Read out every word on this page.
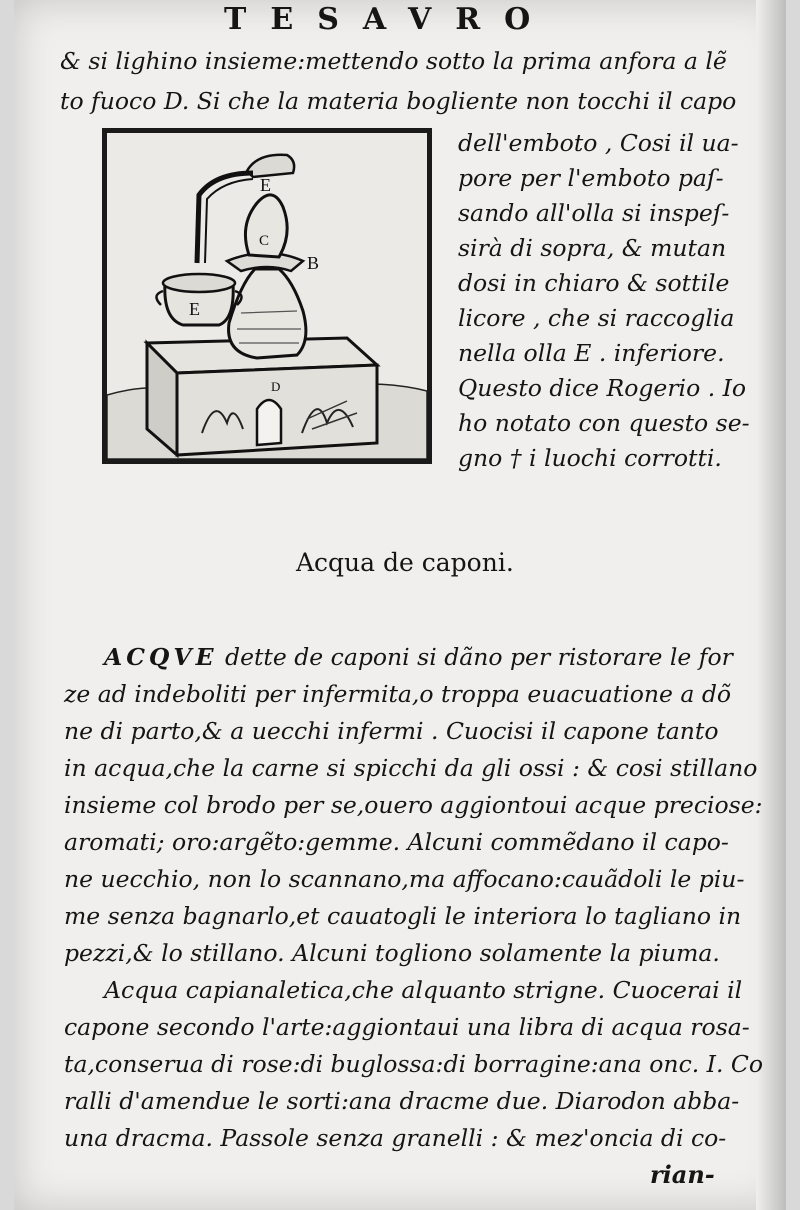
TESAVRO
& si lighino insieme:mettendo sotto la prima anfora a lẽ
to fuoco D. Si che la materia bogliente non tocchi il capo
E
E
C
B
D
dell'emboto , Cosi il ua-
pore per l'emboto paſ-
sando all'olla si inspeſ-
sirà di sopra, & mutan
dosi in chiaro & sottile
licore , che si raccoglia
nella olla E . inferiore.
Questo dice Rogerio . Io
ho notato con questo se-
gno † i luochi corrotti.
Acqua de caponi.
ACQVE dette de caponi si dãno per ristorare le for
ze ad indeboliti per infermita,o troppa euacuatione a dõ
ne di parto,& a uecchi infermi . Cuocisi il capone tanto
in acqua,che la carne si spicchi da gli ossi : & cosi stillano
insieme col brodo per se,ouero aggiontoui acque preciose:
aromati; oro:argẽto:gemme. Alcuni commẽdano il capo-
ne uecchio, non lo scannano,ma affocano:cauãdoli le piu-
me senza bagnarlo,et cauatogli le interiora lo tagliano in
pezzi,& lo stillano. Alcuni togliono solamente la piuma.
Acqua capianaletica,che alquanto strigne. Cuocerai il
capone secondo l'arte:aggiontaui una libra di acqua rosa-
ta,conserua di rose:di buglossa:di borragine:ana onc. I. Co
ralli d'amendue le sorti:ana dracme due. Diarodon abba-
una dracma. Passole senza granelli : & mez'oncia di co-
rian-
